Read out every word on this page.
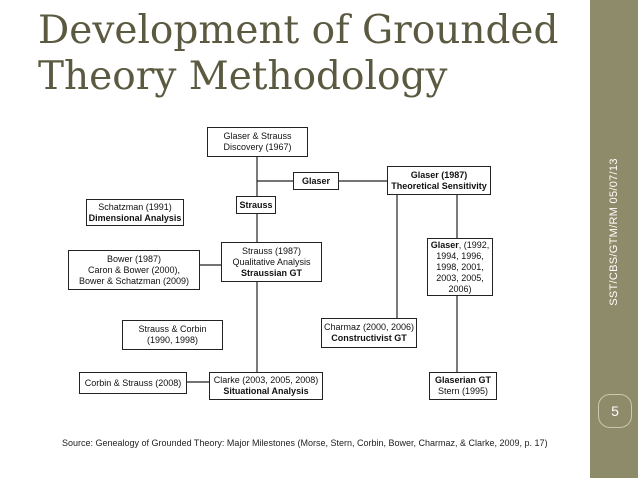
Development of Grounded
Theory Methodology
SST/CBS/GTM/RM 05/07/13
5
Glaser & Strauss
Discovery (1967)
Glaser
Glaser (1987)
Theoretical Sensitivity
Schatzman (1991)
Dimensional Analysis
Strauss
Bower (1987)
Caron & Bower (2000),
Bower & Schatzman (2009)
Strauss (1987)
Qualitative Analysis
Straussian GT
Glaser, (1992,
1994, 1996,
1998, 2001,
2003, 2005,
2006)
Strauss & Corbin
(1990, 1998)
Charmaz (2000, 2006)
Constructivist GT
Corbin & Strauss (2008)	Clarke (2003, 2005, 2008)
Situational Analysis
Glaserian GT
Stern (1995)
Source: Genealogy of Grounded Theory: Major Milestones (Morse, Stern, Corbin, Bower, Charmaz, & Clarke, 2009, p. 17)
